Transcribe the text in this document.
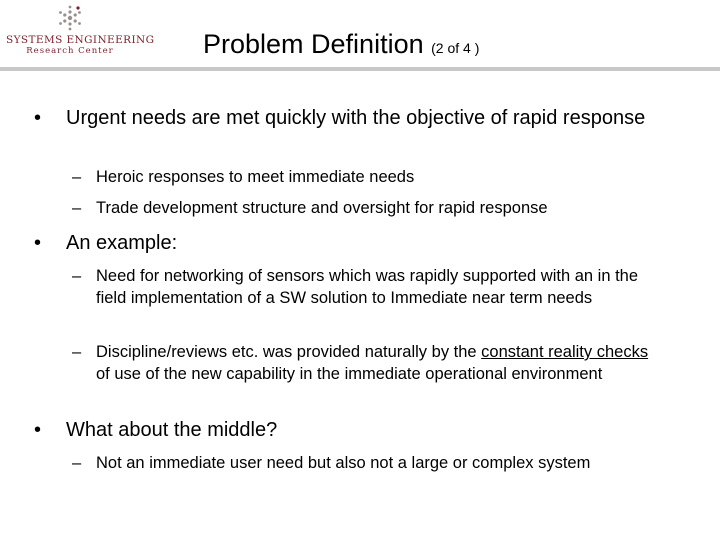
SYSTEMS ENGINEERING
Research Center	Problem Definition (2 of 4 )
• Urgent needs are met quickly with the objective of rapid response
– Heroic responses to meet immediate needs
– Trade development structure and oversight for rapid response
• An example:
– Need for networking of sensors which was rapidly supported with an in the field implementation of a SW solution to Immediate near term needs
– Discipline/reviews etc. was provided naturally by the constant reality checks of use of the new capability in the immediate operational environment
• What about the middle?
– Not an immediate user need but also not a large or complex system
